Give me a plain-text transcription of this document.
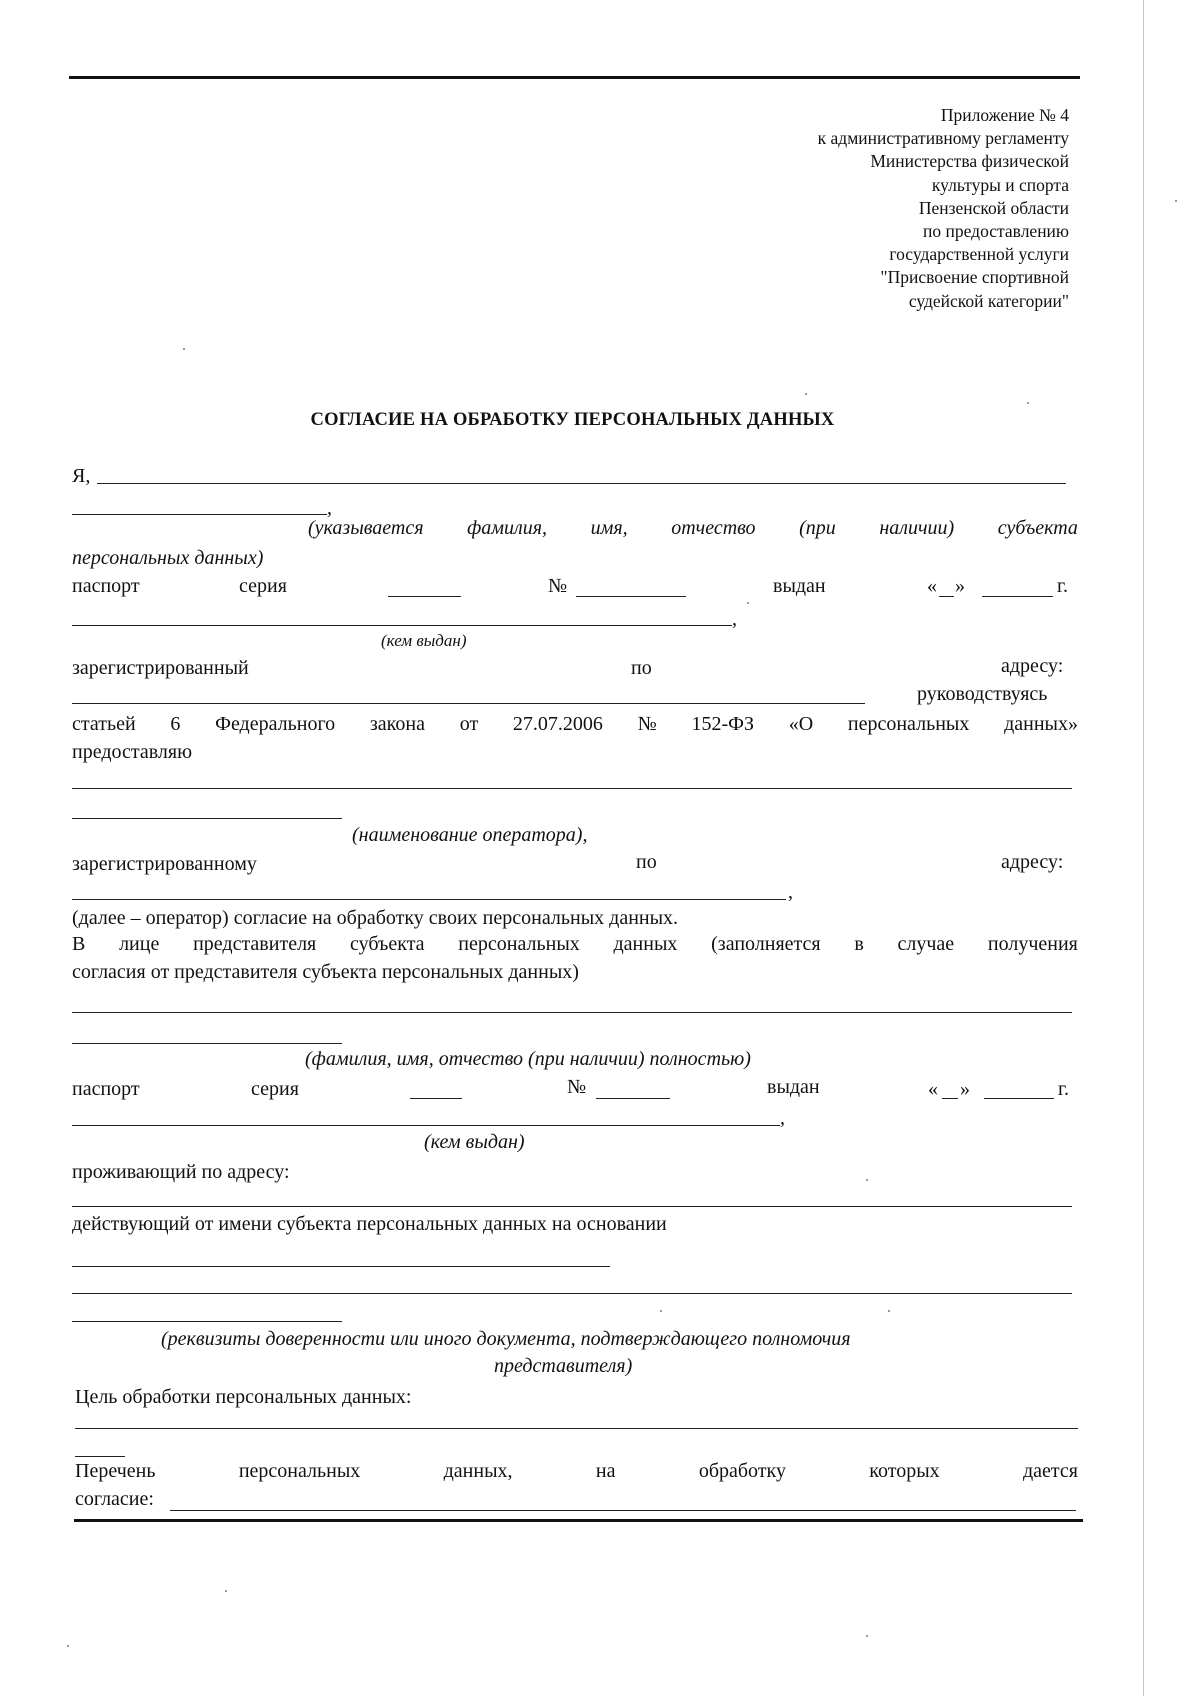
Приложение № 4
к административному регламенту
Министерства физической
культуры и спорта
Пензенской области
по предоставлению
государственной услуги
"Присвоение спортивной
судейской категории"
СОГЛАСИЕ НА ОБРАБОТКУ ПЕРСОНАЛЬНЫХ ДАННЫХ
Я,
,
(указывается фамилия, имя, отчество (при наличии) субъекта
персональных данных)
паспорт	серия	№	выдан	« »	г.
,
(кем выдан)
зарегистрированный	по	адресу:
руководствуясь
статьей 6 Федерального закона от 27.07.2006 № 152-ФЗ «О персональных данных»
предоставляю
(наименование оператора),
зарегистрированному	по	адресу:
,
(далее – оператор) согласие на обработку своих персональных данных.
В лице представителя субъекта персональных данных (заполняется в случае получения
согласия от представителя субъекта персональных данных)
(фамилия, имя, отчество (при наличии) полностью)
паспорт	серия	№	выдан	« »	г.
,
(кем выдан)
проживающий по адресу:
действующий от имени субъекта персональных данных на основании
(реквизиты доверенности или иного документа, подтверждающего полномочия
представителя)
Цель обработки персональных данных:
Перечень	персональных	данных,	на	обработку	которых	дается
согласие:
